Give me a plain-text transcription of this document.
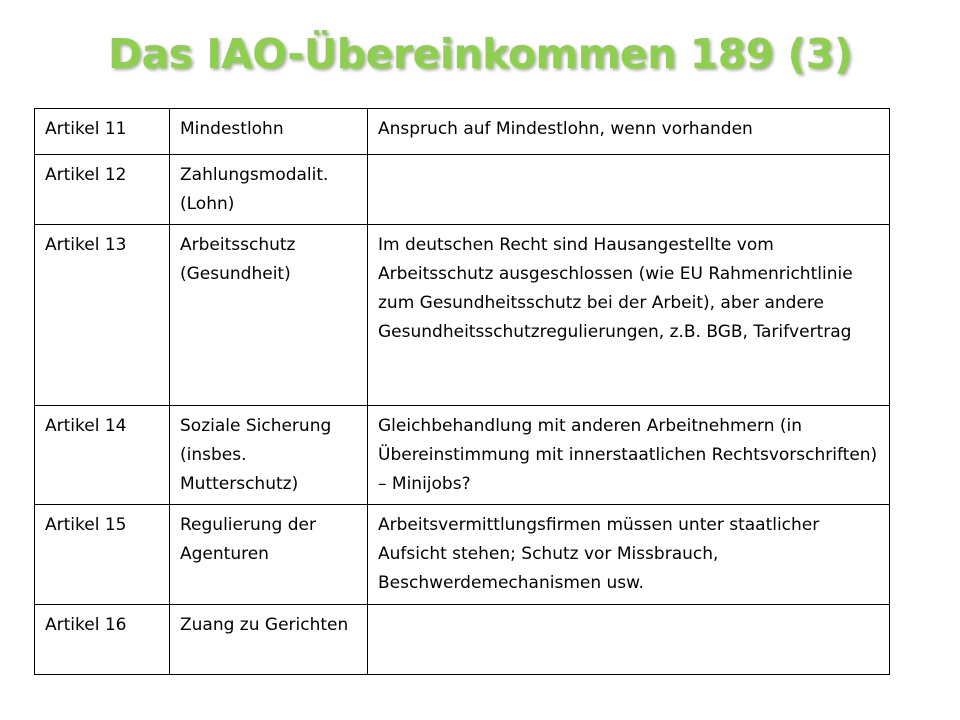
Das IAO-Übereinkommen 189 (3)
Artikel 11	Mindestlohn	Anspruch auf Mindestlohn, wenn vorhanden
Artikel 12	Zahlungsmodalit. (Lohn)	
Artikel 13	Arbeitsschutz (Gesundheit)	Im deutschen Recht sind Hausangestellte vom Arbeitsschutz ausgeschlossen (wie EU Rahmenrichtlinie zum Gesundheitsschutz bei der Arbeit), aber andere Gesundheitsschutzregulierungen, z.B. BGB, Tarifvertrag
Artikel 14	Soziale Sicherung (insbes. Mutterschutz)	Gleichbehandlung mit anderen Arbeitnehmern (in Übereinstimmung mit innerstaatlichen Rechtsvorschriften) – Minijobs?
Artikel 15	Regulierung der Agenturen	Arbeitsvermittlungsfirmen müssen unter staatlicher Aufsicht stehen; Schutz vor Missbrauch, Beschwerdemechanismen usw.
Artikel 16	Zuang zu Gerichten	
